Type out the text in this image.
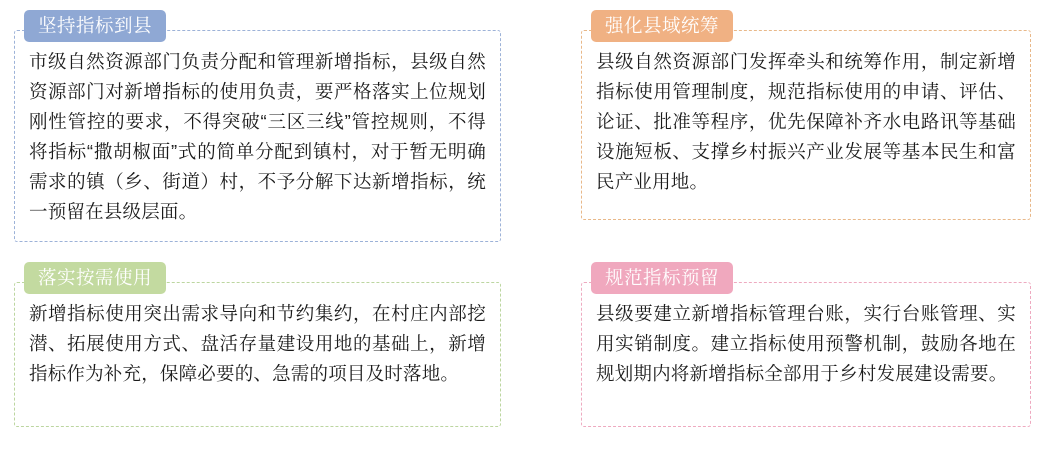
坚持指标到县
市级自然资源部门负责分配和管理新增指标，县级自然资源部门对新增指标的使用负责，要严格落实上位规划刚性管控的要求，不得突破“三区三线”管控规则，不得将指标“撒胡椒面”式的简单分配到镇村，对于暂无明确需求的镇（乡、街道）村，不予分解下达新增指标，统一预留在县级层面。
强化县域统筹
县级自然资源部门发挥牵头和统筹作用，制定新增指标使用管理制度，规范指标使用的申请、评估、论证、批准等程序，优先保障补齐水电路讯等基础设施短板、支撑乡村振兴产业发展等基本民生和富民产业用地。
落实按需使用
新增指标使用突出需求导向和节约集约，在村庄内部挖潜、拓展使用方式、盘活存量建设用地的基础上，新增指标作为补充，保障必要的、急需的项目及时落地。
规范指标预留
县级要建立新增指标管理台账，实行台账管理、实用实销制度。建立指标使用预警机制，鼓励各地在规划期内将新增指标全部用于乡村发展建设需要。
